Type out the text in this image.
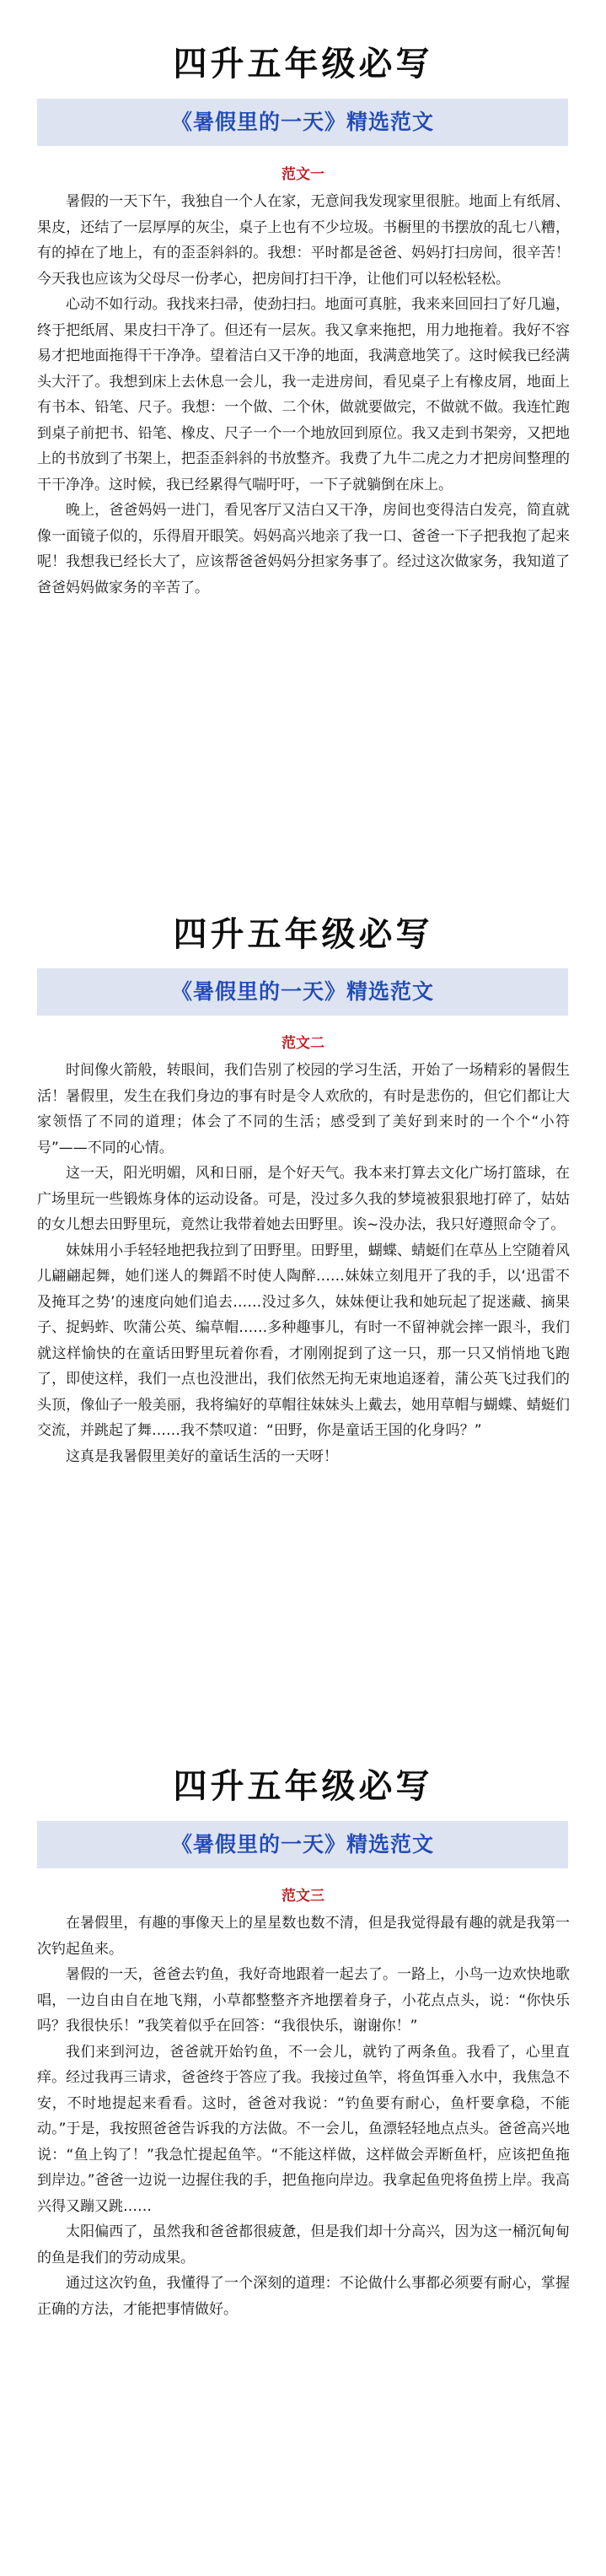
四升五年级必写
《暑假里的一天》精选范文
范文一

暑假的一天下午，我独自一个人在家，无意间我发现家里很脏。地面上有纸屑、果皮，还结了一层厚厚的灰尘，桌子上也有不少垃圾。书橱里的书摆放的乱七八糟，有的掉在了地上，有的歪歪斜斜的。我想：平时都是爸爸、妈妈打扫房间，很辛苦！今天我也应该为父母尽一份孝心，把房间打扫干净，让他们可以轻松轻松。

心动不如行动。我找来扫帚，使劲扫扫。地面可真脏，我来来回回扫了好几遍，终于把纸屑、果皮扫干净了。但还有一层灰。我又拿来拖把，用力地拖着。我好不容易才把地面拖得干干净净。望着洁白又干净的地面，我满意地笑了。这时候我已经满头大汗了。我想到床上去休息一会儿，我一走进房间，看见桌子上有橡皮屑，地面上有书本、铅笔、尺子。我想：一个做、二个休，做就要做完，不做就不做。我连忙跑到桌子前把书、铅笔、橡皮、尺子一个一个地放回到原位。我又走到书架旁，又把地上的书放到了书架上，把歪歪斜斜的书放整齐。我费了九牛二虎之力才把房间整理的干干净净。这时候，我已经累得气喘吁吁，一下子就躺倒在床上。

晚上，爸爸妈妈一进门，看见客厅又洁白又干净，房间也变得洁白发亮，简直就像一面镜子似的，乐得眉开眼笑。妈妈高兴地亲了我一口、爸爸一下子把我抱了起来呢！我想我已经长大了，应该帮爸爸妈妈分担家务事了。经过这次做家务，我知道了爸爸妈妈做家务的辛苦了。

四升五年级必写
《暑假里的一天》精选范文
范文二

时间像火箭般，转眼间，我们告别了校园的学习生活，开始了一场精彩的暑假生活！暑假里，发生在我们身边的事有时是令人欢欣的，有时是悲伤的，但它们都让大家领悟了不同的道理；体会了不同的生活；感受到了美好到来时的一个个“小符号”——不同的心情。

这一天，阳光明媚，风和日丽，是个好天气。我本来打算去文化广场打篮球，在广场里玩一些锻炼身体的运动设备。可是，没过多久我的梦境被狠狠地打碎了，姑姑的女儿想去田野里玩，竟然让我带着她去田野里。诶~没办法，我只好遵照命令了。

妹妹用小手轻轻地把我拉到了田野里。田野里，蝴蝶、蜻蜓们在草丛上空随着风儿翩翩起舞，她们迷人的舞蹈不时使人陶醉……妹妹立刻甩开了我的手，以‘迅雷不及掩耳之势’的速度向她们追去……没过多久，妹妹便让我和她玩起了捉迷藏、摘果子、捉蚂蚱、吹蒲公英、编草帽……多种趣事儿，有时一不留神就会摔一跟斗，我们就这样愉快的在童话田野里玩着你看，才刚刚捉到了这一只，那一只又悄悄地飞跑了，即使这样，我们一点也没泄出，我们依然无拘无束地追逐着，蒲公英飞过我们的头顶，像仙子一般美丽，我将编好的草帽往妹妹头上戴去，她用草帽与蝴蝶、蜻蜓们交流，并跳起了舞……我不禁叹道：“田野，你是童话王国的化身吗？”

这真是我暑假里美好的童话生活的一天呀！

四升五年级必写
《暑假里的一天》精选范文
范文三

在暑假里，有趣的事像天上的星星数也数不清，但是我觉得最有趣的就是我第一次钓起鱼来。

暑假的一天，爸爸去钓鱼，我好奇地跟着一起去了。一路上，小鸟一边欢快地歌唱，一边自由自在地飞翔，小草都整整齐齐地摆着身子，小花点点头，说：“你快乐吗？我很快乐！”我笑着似乎在回答：“我很快乐，谢谢你！”

我们来到河边，爸爸就开始钓鱼，不一会儿，就钓了两条鱼。我看了，心里直痒。经过我再三请求，爸爸终于答应了我。我接过鱼竿，将鱼饵垂入水中，我焦急不安，不时地提起来看看。这时，爸爸对我说：“钓鱼要有耐心，鱼杆要拿稳，不能动。”于是，我按照爸爸告诉我的方法做。不一会儿，鱼漂轻轻地点点头。爸爸高兴地说：“鱼上钩了！”我急忙提起鱼竿。“不能这样做，这样做会弄断鱼杆，应该把鱼拖到岸边。”爸爸一边说一边握住我的手，把鱼拖向岸边。我拿起鱼兜将鱼捞上岸。我高兴得又蹦又跳……

太阳偏西了，虽然我和爸爸都很疲惫，但是我们却十分高兴，因为这一桶沉甸甸的鱼是我们的劳动成果。

通过这次钓鱼，我懂得了一个深刻的道理：不论做什么事都必须要有耐心，掌握正确的方法，才能把事情做好。
